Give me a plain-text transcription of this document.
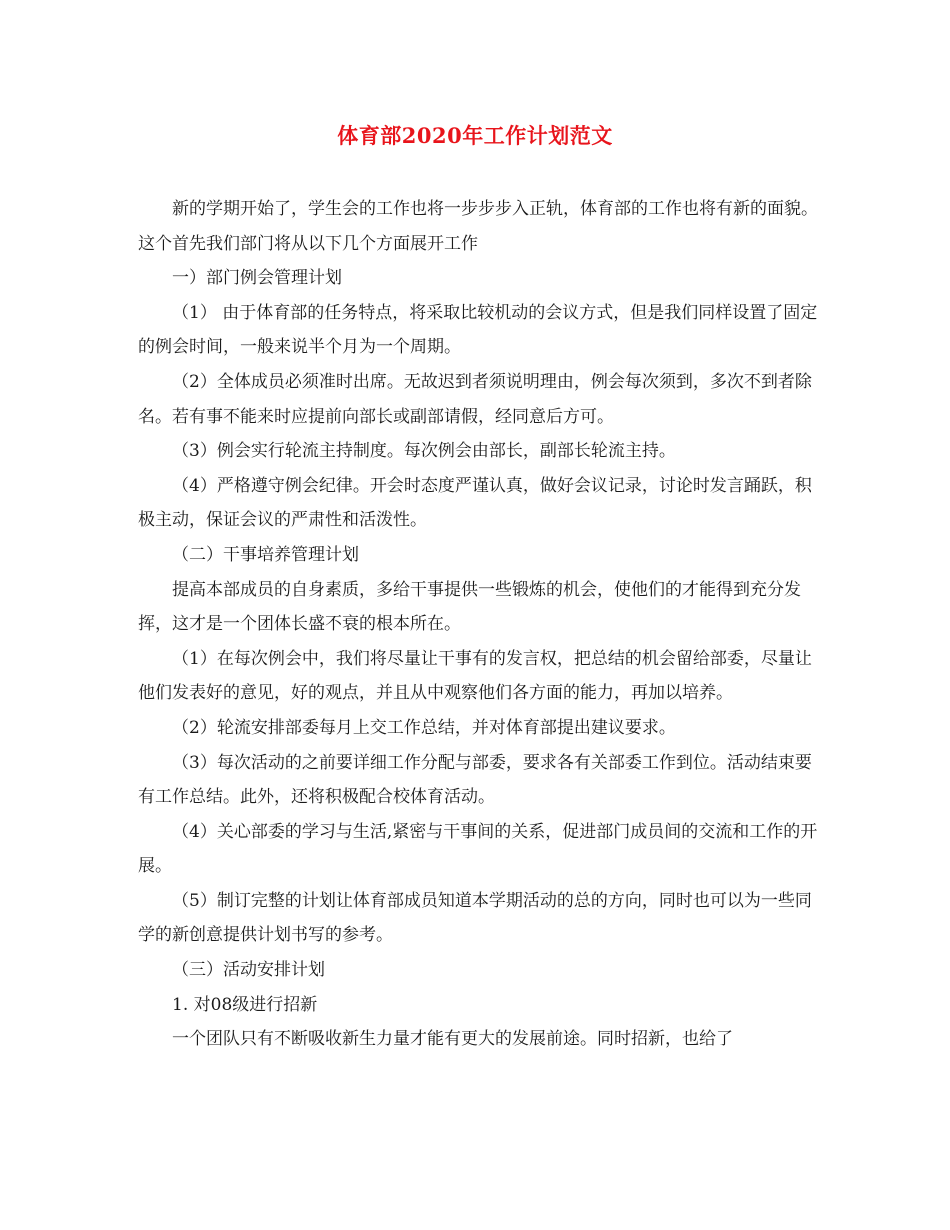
体育部2020年工作计划范文

新的学期开始了，学生会的工作也将一步步步入正轨，体育部的工作也将有新的面貌。这个首先我们部门将从以下几个方面展开工作

一）部门例会管理计划

（1） 由于体育部的任务特点，将采取比较机动的会议方式，但是我们同样设置了固定的例会时间，一般来说半个月为一个周期。

（2）全体成员必须准时出席。无故迟到者须说明理由，例会每次须到，多次不到者除名。若有事不能来时应提前向部长或副部请假，经同意后方可。

（3）例会实行轮流主持制度。每次例会由部长，副部长轮流主持。

（4）严格遵守例会纪律。开会时态度严谨认真，做好会议记录，讨论时发言踊跃，积极主动，保证会议的严肃性和活泼性。

（二）干事培养管理计划

提高本部成员的自身素质，多给干事提供一些锻炼的机会，使他们的才能得到充分发挥，这才是一个团体长盛不衰的根本所在。

（1）在每次例会中，我们将尽量让干事有的发言权，把总结的机会留给部委，尽量让他们发表好的意见，好的观点，并且从中观察他们各方面的能力，再加以培养。

（2）轮流安排部委每月上交工作总结，并对体育部提出建议要求。

（3）每次活动的之前要详细工作分配与部委，要求各有关部委工作到位。活动结束要有工作总结。此外，还将积极配合校体育活动。

（4）关心部委的学习与生活,紧密与干事间的关系，促进部门成员间的交流和工作的开展。

（5）制订完整的计划让体育部成员知道本学期活动的总的方向，同时也可以为一些同学的新创意提供计划书写的参考。

（三）活动安排计划

1. 对08级进行招新

一个团队只有不断吸收新生力量才能有更大的发展前途。同时招新，也给了
